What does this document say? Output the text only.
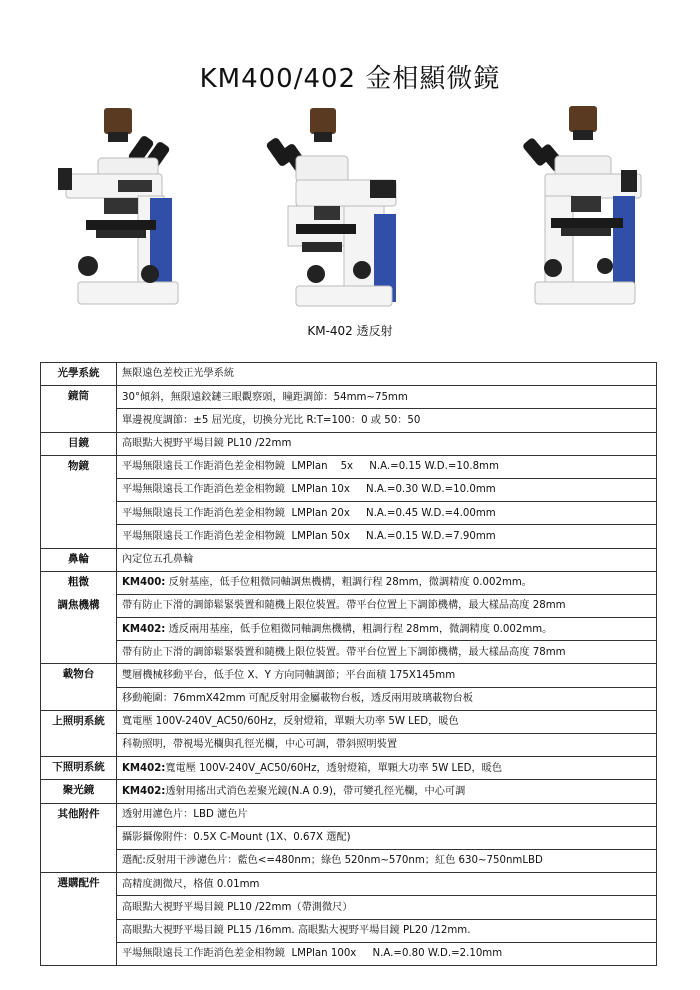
KM400/402 金相顯微鏡
KM-402 透反射
光學系統	無限遠色差校正光學系統
鏡筒	30°傾斜，無限遠鉸鏈三眼觀察頭，瞳距調節：54mm~75mm
	單邊視度調節：±5 屈光度，切換分光比 R:T=100：0 或 50：50
目鏡	高眼點大視野平場目鏡 PL10 /22mm
物鏡	平場無限遠長工作距消色差金相物鏡  LMPlan    5x     N.A.=0.15 W.D.=10.8mm
	平場無限遠長工作距消色差金相物鏡  LMPlan 10x     N.A.=0.30 W.D.=10.0mm
	平場無限遠長工作距消色差金相物鏡  LMPlan 20x     N.A.=0.45 W.D.=4.00mm
	平場無限遠長工作距消色差金相物鏡  LMPlan 50x     N.A.=0.15 W.D.=7.90mm
鼻輪	內定位五孔鼻輪
粗微	KM400: 反射基座，低手位粗微同軸調焦機構，粗調行程 28mm，微調精度 0.002mm。
調焦機構	帶有防止下滑的調節鬆緊裝置和隨機上限位裝置。帶平台位置上下調節機構，最大樣品高度 28mm
	KM402: 透反兩用基座，低手位粗微同軸調焦機構，粗調行程 28mm，微調精度 0.002mm。
	帶有防止下滑的調節鬆緊裝置和隨機上限位裝置。帶平台位置上下調節機構，最大樣品高度 78mm
載物台	雙層機械移動平台，低手位 X、Y 方向同軸調節；平台面積 175X145mm
	移動範圍：76mmX42mm 可配反射用金屬載物台板，透反兩用玻璃載物台板
上照明系統	寬電壓 100V-240V_AC50/60Hz，反射燈箱，單顆大功率 5W LED，暖色
	科勒照明，帶視場光欄與孔徑光欄，中心可調，帶斜照明裝置
下照明系統	KM402:寬電壓 100V-240V_AC50/60Hz，透射燈箱，單顆大功率 5W LED，暖色
聚光鏡	KM402:透射用搖出式消色差聚光鏡(N.A 0.9)，帶可變孔徑光欄，中心可調
其他附件	透射用濾色片：LBD 濾色片
	攝影攝像附件：0.5X C-Mount (1X、0.67X 選配)
	選配:反射用干涉濾色片：藍色<=480nm；綠色 520nm~570nm；紅色 630~750nmLBD
選購配件	高精度測微尺，格值 0.01mm
	高眼點大視野平場目鏡 PL10 /22mm（帶測微尺）
	高眼點大視野平場目鏡 PL15 /16mm. 高眼點大視野平場目鏡 PL20 /12mm.
	平場無限遠長工作距消色差金相物鏡  LMPlan 100x     N.A.=0.80 W.D.=2.10mm
